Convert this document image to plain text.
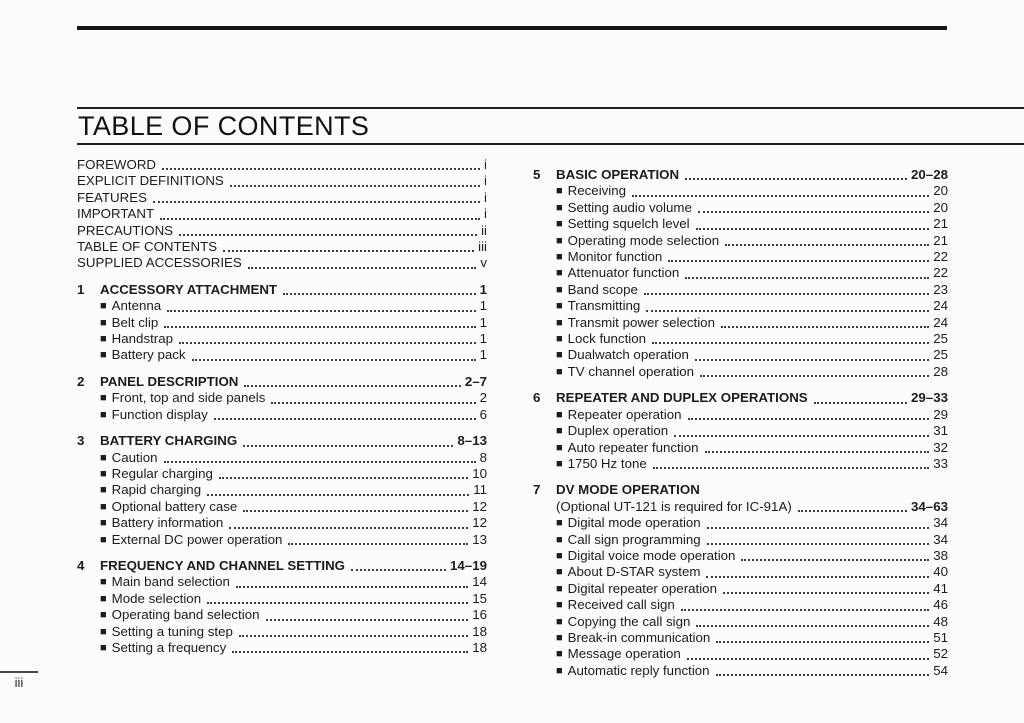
TABLE OF CONTENTS
FOREWORD	i
EXPLICIT DEFINITIONS	i
FEATURES	i
IMPORTANT	i
PRECAUTIONS	ii
TABLE OF CONTENTS	iii
SUPPLIED ACCESSORIES	v
1	ACCESSORY ATTACHMENT	1
■ Antenna	1
■ Belt clip	1
■ Handstrap	1
■ Battery pack	1
2	PANEL DESCRIPTION	2–7
■ Front, top and side panels	2
■ Function display	6
3	BATTERY CHARGING	8–13
■ Caution	8
■ Regular charging	10
■ Rapid charging	11
■ Optional battery case	12
■ Battery information	12
■ External DC power operation	13
4	FREQUENCY AND CHANNEL SETTING	14–19
■ Main band selection	14
■ Mode selection	15
■ Operating band selection	16
■ Setting a tuning step	18
■ Setting a frequency	18
5	BASIC OPERATION	20–28
■ Receiving	20
■ Setting audio volume	20
■ Setting squelch level	21
■ Operating mode selection	21
■ Monitor function	22
■ Attenuator function	22
■ Band scope	23
■ Transmitting	24
■ Transmit power selection	24
■ Lock function	25
■ Dualwatch operation	25
■ TV channel operation	28
6	REPEATER AND DUPLEX OPERATIONS	29–33
■ Repeater operation	29
■ Duplex operation	31
■ Auto repeater function	32
■ 1750 Hz tone	33
7	DV MODE OPERATION
(Optional UT-121 is required for IC-91A)	34–63
■ Digital mode operation	34
■ Call sign programming	34
■ Digital voice mode operation	38
■ About D-STAR system	40
■ Digital repeater operation	41
■ Received call sign	46
■ Copying the call sign	48
■ Break-in communication	51
■ Message operation	52
■ Automatic reply function	54
iii
